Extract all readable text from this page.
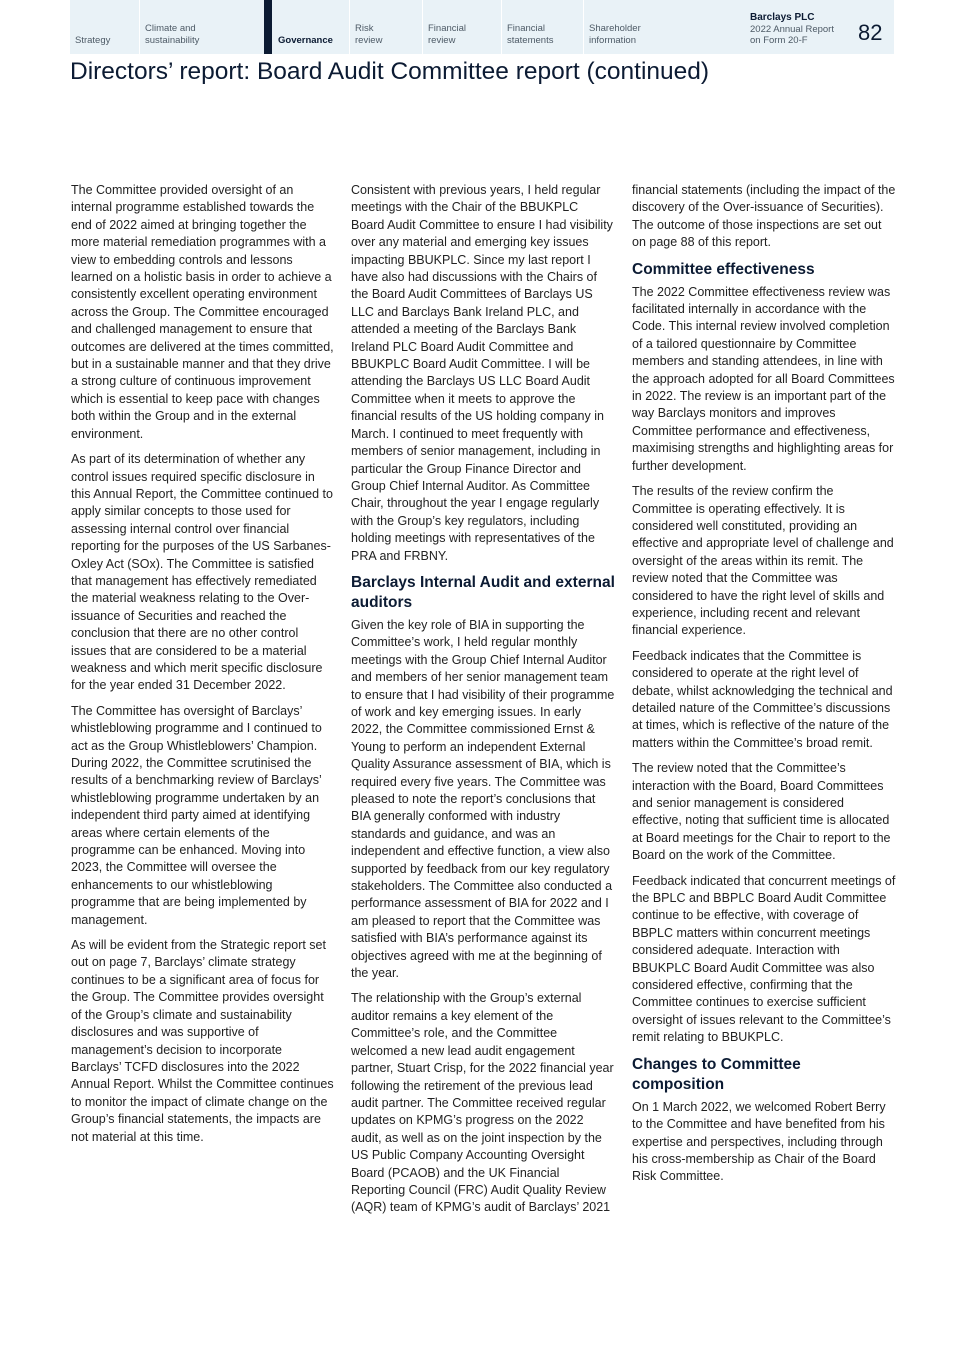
Strategy
Climate and sustainability	Governance
Risk review
Financial review
Financial statements
Shareholder information
Barclays PLC
2022 Annual Report
on Form 20-F	82
Directors’ report: Board Audit Committee report (continued)

The Committee provided oversight of an internal programme established towards the end of 2022 aimed at bringing together the more material remediation programmes with a view to embedding controls and lessons learned on a holistic basis in order to achieve a consistently excellent operating environment across the Group. The Committee encouraged and challenged management to ensure that outcomes are delivered at the times committed, but in a sustainable manner and that they drive a strong culture of continuous improvement which is essential to keep pace with changes both within the Group and in the external environment.

As part of its determination of whether any control issues required specific disclosure in this Annual Report, the Committee continued to apply similar concepts to those used for assessing internal control over financial reporting for the purposes of the US Sarbanes-Oxley Act (SOx). The Committee is satisfied that management has effectively remediated the material weakness relating to the Over-issuance of Securities and reached the conclusion that there are no other control issues that are considered to be a material weakness and which merit specific disclosure for the year ended 31 December 2022.

The Committee has oversight of Barclays’ whistleblowing programme and I continued to act as the Group Whistleblowers’ Champion. During 2022, the Committee scrutinised the results of a benchmarking review of Barclays’ whistleblowing programme undertaken by an independent third party aimed at identifying areas where certain elements of the programme can be enhanced. Moving into 2023, the Committee will oversee the enhancements to our whistleblowing programme that are being implemented by management.

As will be evident from the Strategic report set out on page 7, Barclays’ climate strategy continues to be a significant area of focus for the Group. The Committee provides oversight of the Group’s climate and sustainability disclosures and was supportive of management’s decision to incorporate Barclays’ TCFD disclosures into the 2022 Annual Report. Whilst the Committee continues to monitor the impact of climate change on the Group’s financial statements, the impacts are not material at this time.

Consistent with previous years, I held regular meetings with the Chair of the BBUKPLC Board Audit Committee to ensure I had visibility over any material and emerging key issues impacting BBUKPLC. Since my last report I have also had discussions with the Chairs of the Board Audit Committees of Barclays US LLC and Barclays Bank Ireland PLC, and attended a meeting of the Barclays Bank Ireland PLC Board Audit Committee and BBUKPLC Board Audit Committee. I will be attending the Barclays US LLC Board Audit Committee when it meets to approve the financial results of the US holding company in March. I continued to meet frequently with members of senior management, including in particular the Group Finance Director and Group Chief Internal Auditor. As Committee Chair, throughout the year I engage regularly with the Group’s key regulators, including holding meetings with representatives of the PRA and FRBNY.

Barclays Internal Audit and external auditors

Given the key role of BIA in supporting the Committee’s work, I held regular monthly meetings with the Group Chief Internal Auditor and members of her senior management team to ensure that I had visibility of their programme of work and key emerging issues. In early 2022, the Committee commissioned Ernst & Young to perform an independent External Quality Assurance assessment of BIA, which is required every five years. The Committee was pleased to note the report’s conclusions that BIA generally conformed with industry standards and guidance, and was an independent and effective function, a view also supported by feedback from our key regulatory stakeholders. The Committee also conducted a performance assessment of BIA for 2022 and I am pleased to report that the Committee was satisfied with BIA’s performance against its objectives agreed with me at the beginning of the year.

The relationship with the Group’s external auditor remains a key element of the Committee’s role, and the Committee welcomed a new lead audit engagement partner, Stuart Crisp, for the 2022 financial year following the retirement of the previous lead audit partner. The Committee received regular updates on KPMG’s progress on the 2022 audit, as well as on the joint inspection by the US Public Company Accounting Oversight Board (PCAOB) and the UK Financial Reporting Council (FRC) Audit Quality Review (AQR) team of KPMG’s audit of Barclays’ 2021

financial statements (including the impact of the discovery of the Over-issuance of Securities). The outcome of those inspections are set out on page 88 of this report.

Committee effectiveness

The 2022 Committee effectiveness review was facilitated internally in accordance with the Code. This internal review involved completion of a tailored questionnaire by Committee members and standing attendees, in line with the approach adopted for all Board Committees in 2022. The review is an important part of the way Barclays monitors and improves Committee performance and effectiveness, maximising strengths and highlighting areas for further development.

The results of the review confirm the Committee is operating effectively. It is considered well constituted, providing an effective and appropriate level of challenge and oversight of the areas within its remit. The review noted that the Committee was considered to have the right level of skills and experience, including recent and relevant financial experience.

Feedback indicates that the Committee is considered to operate at the right level of debate, whilst acknowledging the technical and detailed nature of the Committee’s discussions at times, which is reflective of the nature of the matters within the Committee’s broad remit.

The review noted that the Committee’s interaction with the Board, Board Committees and senior management is considered effective, noting that sufficient time is allocated at Board meetings for the Chair to report to the Board on the work of the Committee.

Feedback indicated that concurrent meetings of the BPLC and BBPLC Board Audit Committee continue to be effective, with coverage of BBPLC matters within concurrent meetings considered adequate. Interaction with BBUKPLC Board Audit Committee was also considered effective, confirming that the Committee continues to exercise sufficient oversight of issues relevant to the Committee’s remit relating to BBUKPLC.

Changes to Committee composition

On 1 March 2022, we welcomed Robert Berry to the Committee and have benefited from his expertise and perspectives, including through his cross-membership as Chair of the Board Risk Committee.
